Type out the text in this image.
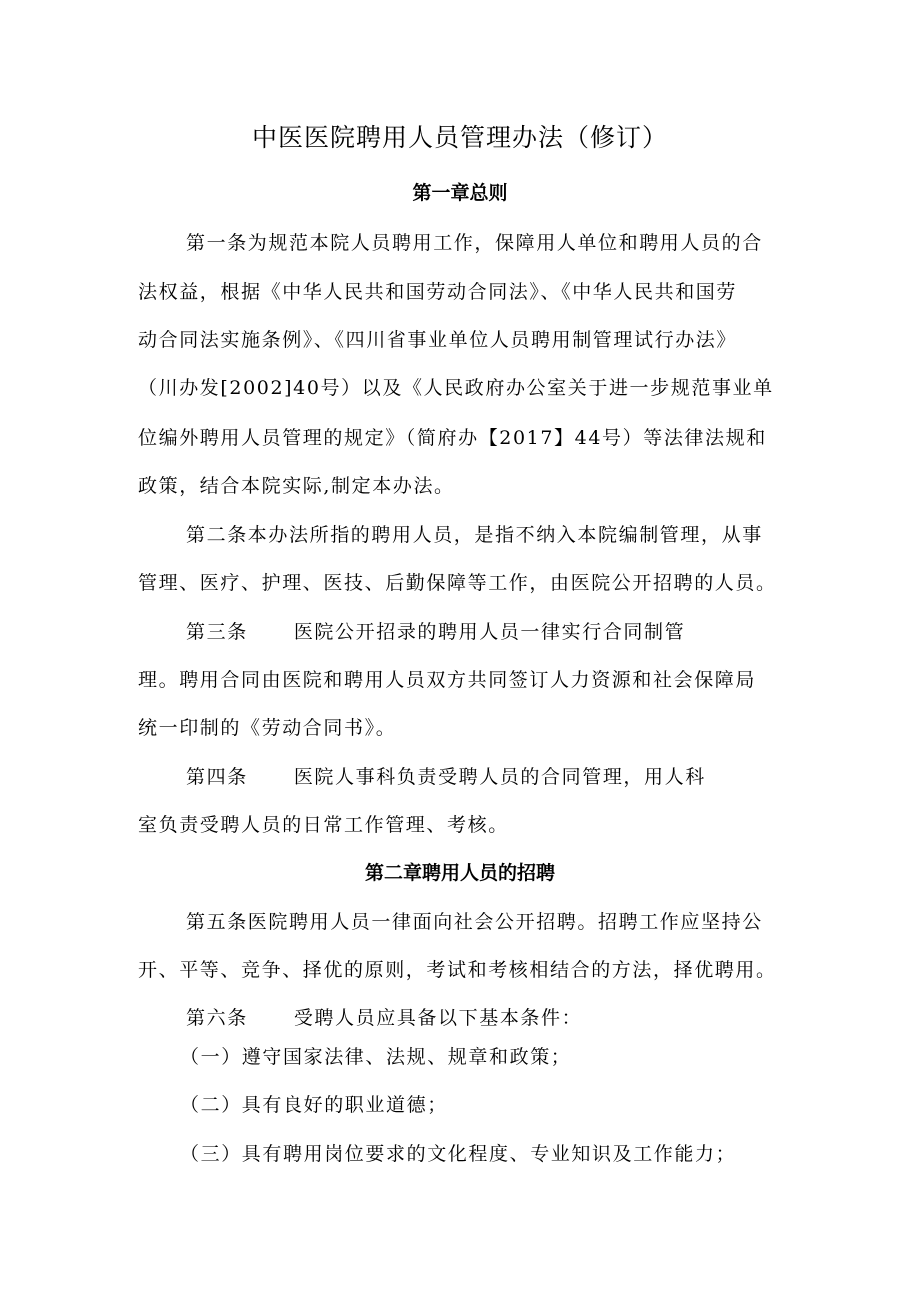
中医医院聘用人员管理办法（修订）
第一章总则

第一条为规范本院人员聘用工作，保障用人单位和聘用人员的合

法权益，根据《中华人民共和国劳动合同法》、《中华人民共和国劳

动合同法实施条例》、《四川省事业单位人员聘用制管理试行办法》

（川办发[2002]40号）以及《人民政府办公室关于进一步规范事业单

位编外聘用人员管理的规定》（简府办【2017】44号）等法律法规和

政策，结合本院实际,制定本办法。

第二条本办法所指的聘用人员，是指不纳入本院编制管理，从事

管理、医疗、护理、医技、后勤保障等工作，由医院公开招聘的人员。

第三条 医院公开招录的聘用人员一律实行合同制管

理。聘用合同由医院和聘用人员双方共同签订人力资源和社会保障局

统一印制的《劳动合同书》。

第四条 医院人事科负责受聘人员的合同管理，用人科

室负责受聘人员的日常工作管理、考核。

第二章聘用人员的招聘

第五条医院聘用人员一律面向社会公开招聘。招聘工作应坚持公

开、平等、竞争、择优的原则，考试和考核相结合的方法，择优聘用。

第六条 受聘人员应具备以下基本条件：

（一）遵守国家法律、法规、规章和政策；

（二）具有良好的职业道德；

（三）具有聘用岗位要求的文化程度、专业知识及工作能力；
